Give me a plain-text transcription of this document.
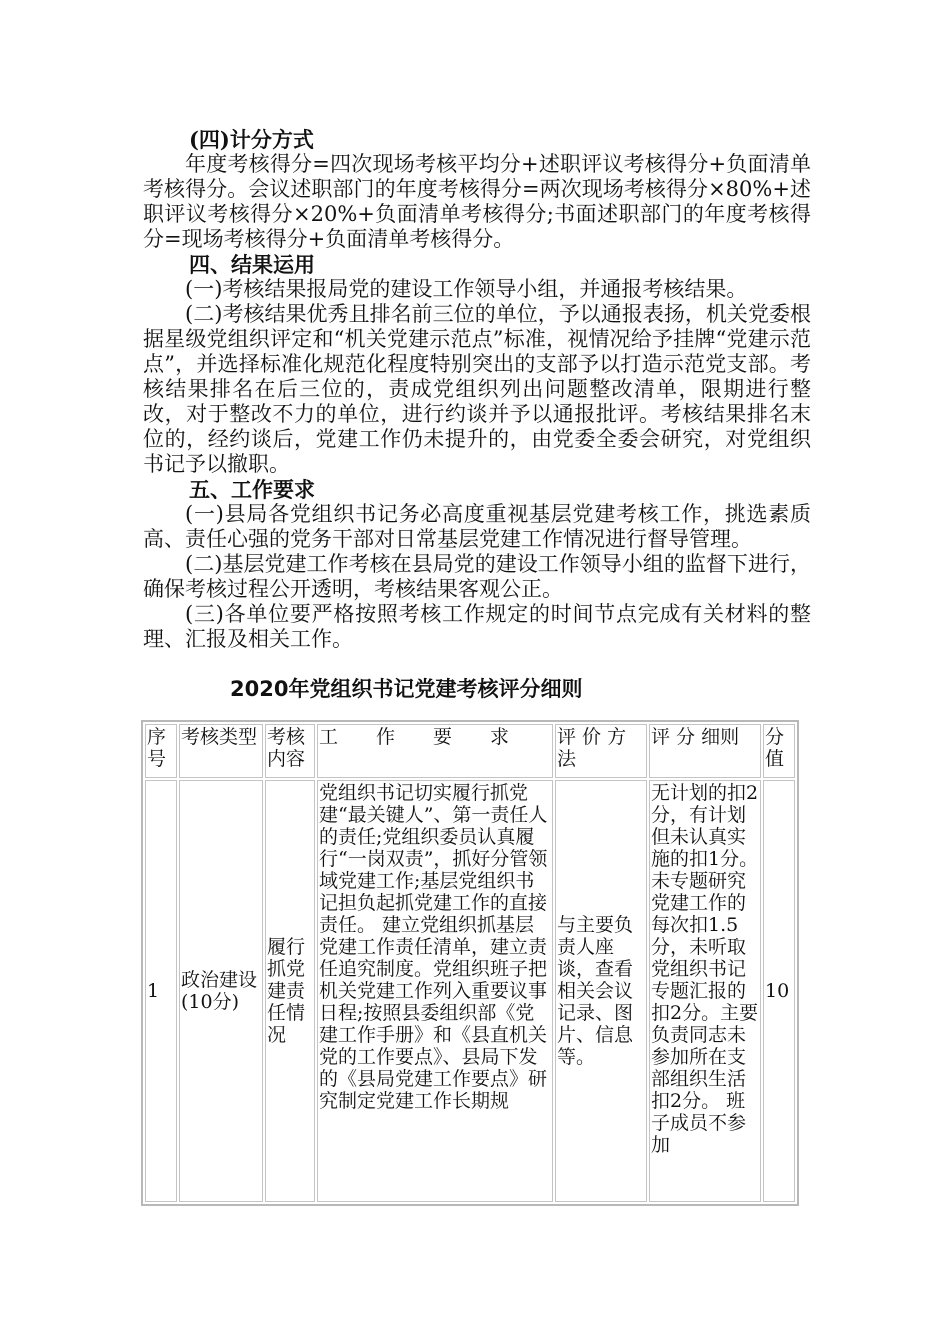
(四)计分方式

年度考核得分=四次现场考核平均分+述职评议考核得分+负面清单考核得分。会议述职部门的年度考核得分=两次现场考核得分×80%+述职评议考核得分×20%+负面清单考核得分;书面述职部门的年度考核得分=现场考核得分+负面清单考核得分。

四、结果运用

(一)考核结果报局党的建设工作领导小组，并通报考核结果。

(二)考核结果优秀且排名前三位的单位，予以通报表扬，机关党委根据星级党组织评定和“机关党建示范点”标准，视情况给予挂牌“党建示范点”，并选择标准化规范化程度特别突出的支部予以打造示范党支部。考核结果排名在后三位的，责成党组织列出问题整改清单，限期进行整改，对于整改不力的单位，进行约谈并予以通报批评。考核结果排名末位的，经约谈后，党建工作仍未提升的，由党委全委会研究，对党组织书记予以撤职。

五、工作要求

(一)县局各党组织书记务必高度重视基层党建考核工作，挑选素质高、责任心强的党务干部对日常基层党建工作情况进行督导管理。

(二)基层党建工作考核在县局党的建设工作领导小组的监督下进行，确保考核过程公开透明，考核结果客观公正。

(三)各单位要严格按照考核工作规定的时间节点完成有关材料的整理、汇报及相关工作。

2020年党组织书记党建考核评分细则
序号	考核类型	考核内容	工　　作　　要　　求	评 价 方法	评 分 细则	分值
1	政治建设　(10分)	履行抓党建责任情况	党组织书记切实履行抓党建“最关键人”、第一责任人的责任;党组织委员认真履行“一岗双责”，抓好分管领域党建工作;基层党组织书记担负起抓党建工作的直接责任。 建立党组织抓基层党建工作责任清单，建立责任追究制度。党组织班子把机关党建工作列入重要议事日程;按照县委组织部《党建工作手册》和《县直机关党的工作要点》、县局下发的《县局党建工作要点》研究制定党建工作长期规	与主要负责人座谈，查看相关会议记录、图片、信息等。	无计划的扣2分，有计划但未认真实施的扣1分。未专题研究党建工作的每次扣1.5分，未听取党组织书记专题汇报的扣2分。主要负责同志未参加所在支部组织生活扣2分。 班子成员不参加	10
